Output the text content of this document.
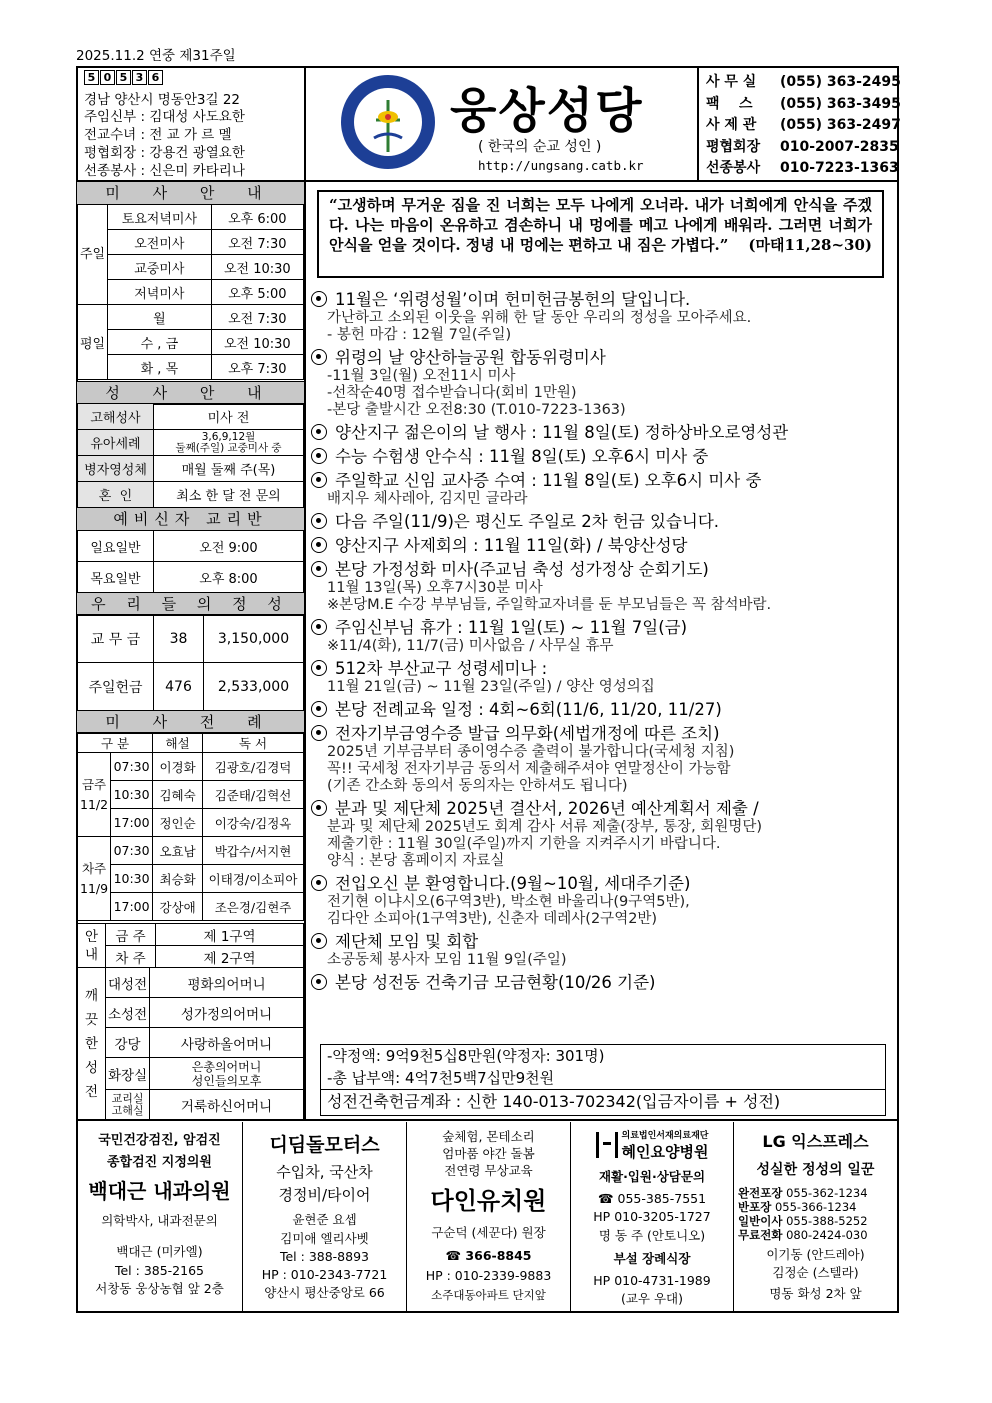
2025.11.2 연중 제31주일
5 0 5 3 6
경남 양산시 명동안3길 22
주임신부 : 김대성 사도요한
전교수녀 : 전 교 가 르 멜
평협회장 : 강용건 광열요한
선종봉사 : 신은미 카타리나
웅상성당
( 한국의 순교 성인 )
http://ungsang.catb.kr
사 무 실 (055) 363-2495
팩    스 (055) 363-3495
사 제 관 (055) 363-2497
평협회장 010-2007-2835
선종봉사 010-7223-1363
미 사 안 내
주일	토요저녁미사	오후 6:00
	오전미사	오전 7:30
	교중미사	오전 10:30
	저녁미사	오후 5:00
평일	월	오전 7:30
	수 , 금	오전 10:30
	화 , 목	오후 7:30
성 사 안 내
고해성사	미사 전
유아세례	3,6,9,12월
둘째(주일) 교중미사 중
병자영성체	매월 둘째 주(목)
혼  인	최소 한 달 전 문의
예비신자 교리반
일요일반	오전 9:00
목요일반	오후 8:00
우 리 들 의 정 성
교 무 금	38	3,150,000
주일헌금	476	2,533,000
미 사 전 례
구 분		해설	독 서
금주
11/2	07:30	이경화	김광호/김경덕
	10:30	김혜숙	김준태/김혁선
	17:00	정인순	이강숙/김정옥
차주
11/9	07:30	오효남	박갑수/서지현
	10:30	최승화	이태경/이소피아
	17:00	강상애	조은경/김현주
안
내	금 주	제 1구역
	차 주	제 2구역
깨
끗
한
성
전	대성전	평화의어머니
	소성전	성가정의어머니
	강당	사랑하올어머니
	화장실	은총의어머니
성인들의모후
	교리실
고해실	거룩하신어머니
“고생하며 무거운 짐을 진 너희는 모두 나에게 오너라. 내가 너희에게 안식을 주겠다. 나는 마음이 온유하고 겸손하니 내 멍에를 메고 나에게 배워라. 그러면 너희가 안식을 얻을 것이다. 정녕 내 멍에는 편하고 내 짐은 가볍다.” (마태11,28~30)
11월은 ‘위령성월’이며 헌미헌금봉헌의 달입니다.
가난하고 소외된 이웃을 위해 한 달 동안 우리의 정성을 모아주세요.
- 봉헌 마감 : 12월 7일(주일)
위령의 날 양산하늘공원 합동위령미사
-11월 3일(월) 오전11시 미사
-선착순40명 접수받습니다(회비 1만원)
-본당 출발시간 오전8:30 (T.010-7223-1363)
양산지구 젊은이의 날 행사 : 11월 8일(토) 정하상바오로영성관
수능 수험생 안수식 : 11월 8일(토) 오후6시 미사 중
주일학교 신임 교사증 수여 : 11월 8일(토) 오후6시 미사 중
배지우 체사레아, 김지민 글라라
다음 주일(11/9)은 평신도 주일로 2차 헌금 있습니다.
양산지구 사제회의 : 11월 11일(화) / 북양산성당
본당 가정성화 미사(주교님 축성 성가정상 순회기도)
11월 13일(목) 오후7시30분 미사
※본당M.E 수강 부부님들, 주일학교자녀를 둔 부모님들은 꼭 참석바람.
주임신부님 휴가 : 11월 1일(토) ~ 11월 7일(금)
※11/4(화), 11/7(금) 미사없음 / 사무실 휴무
512차 부산교구 성령세미나 :
11월 21일(금) ~ 11월 23일(주일) / 양산 영성의집
본당 전례교육 일정 : 4회~6회(11/6, 11/20, 11/27)
전자기부금영수증 발급 의무화(세법개정에 따른 조치)
2025년 기부금부터 종이영수증 출력이 불가합니다(국세청 지침)
꼭!! 국세청 전자기부금 동의서 제출해주셔야 연말정산이 가능함
(기존 간소화 동의서 동의자는 안하셔도 됩니다)
분과 및 제단체 2025년 결산서, 2026년 예산계획서 제출 /
분과 및 제단체 2025년도 회계 감사 서류 제출(장부, 통장, 회원명단)
제출기한 : 11월 30일(주일)까지 기한을 지켜주시기 바랍니다.
양식 : 본당 홈페이지 자료실
전입오신 분 환영합니다.(9월~10월, 세대주기준)
전기현 이냐시오(6구역3반), 박소현 바울리나(9구역5반),
김다안 소피아(1구역3반), 신춘자 데레사(2구역2반)
제단체 모임 및 회합
소공동체 봉사자 모임 11월 9일(주일)
본당 성전동 건축기금 모금현황(10/26 기준)
-약정액: 9억9천5십8만원(약정자: 301명)
-총 납부액: 4억7천5백7십만9천원
성전건축헌금계좌 : 신한 140-013-702342(입금자이름 + 성전)
국민건강검진, 암검진
종합검진 지정의원
백대근 내과의원
의학박사, 내과전문의
백대근 (미카엘)
Tel : 385-2165
서창동 웅상농협 앞 2층
디딤돌모터스
수입차, 국산차
경정비/타이어
윤현준 요셉
김미애 엘리사벳
Tel : 388-8893
HP : 010-2343-7721
양산시 평산중앙로 66
숲체험, 몬테소리
엄마품 야간 돌봄
전연령 무상교육
다인유치원
구순덕 (세꾼다) 원장
☎ 366-8845
HP : 010-2339-9883
소주대동아파트 단지앞
의료법인서재의료재단
혜인요양병원
재활·입원·상담문의
☎ 055-385-7551
HP 010-3205-1727
명 동 주 (안토니오)
부설 장례식장
HP 010-4731-1989
(교우 우대)
LG 익스프레스
성실한 정성의 일꾼
완전포장 055-362-1234
반포장 055-366-1234
일반이사 055-388-5252
무료전화 080-2424-030
이기동 (안드레아)
김정순 (스텔라)
명동 화성 2차 앞
